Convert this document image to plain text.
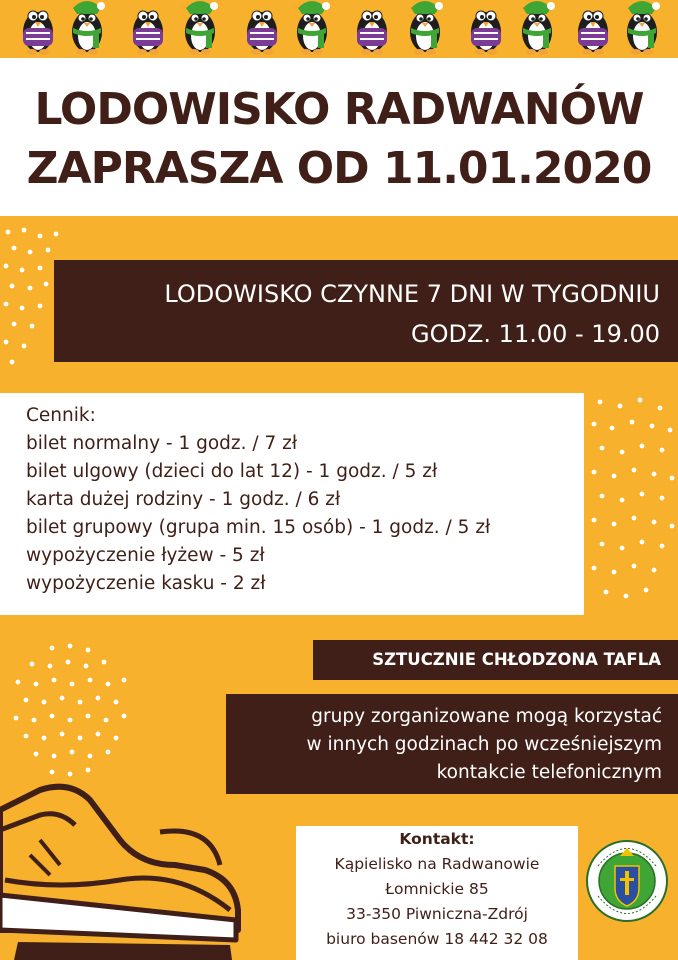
LODOWISKO RADWANÓW
ZAPRASZA OD 11.01.2020
LODOWISKO CZYNNE 7 DNI W TYGODNIU
GODZ. 11.00 - 19.00
Cennik:
bilet normalny - 1 godz. / 7 zł
bilet ulgowy (dzieci do lat 12) - 1 godz. / 5 zł
karta dużej rodziny - 1 godz. / 6 zł
bilet grupowy (grupa min. 15 osób) - 1 godz. / 5 zł
wypożyczenie łyżew - 5 zł
wypożyczenie kasku - 2 zł
SZTUCZNIE CHŁODZONA TAFLA
grupy zorganizowane mogą korzystać
w innych godzinach po wcześniejszym
kontakcie telefonicznym
Kontakt:
Kąpielisko na Radwanowie
Łomnickie 85
33-350 Piwniczna-Zdrój
biuro basenów 18 442 32 08
